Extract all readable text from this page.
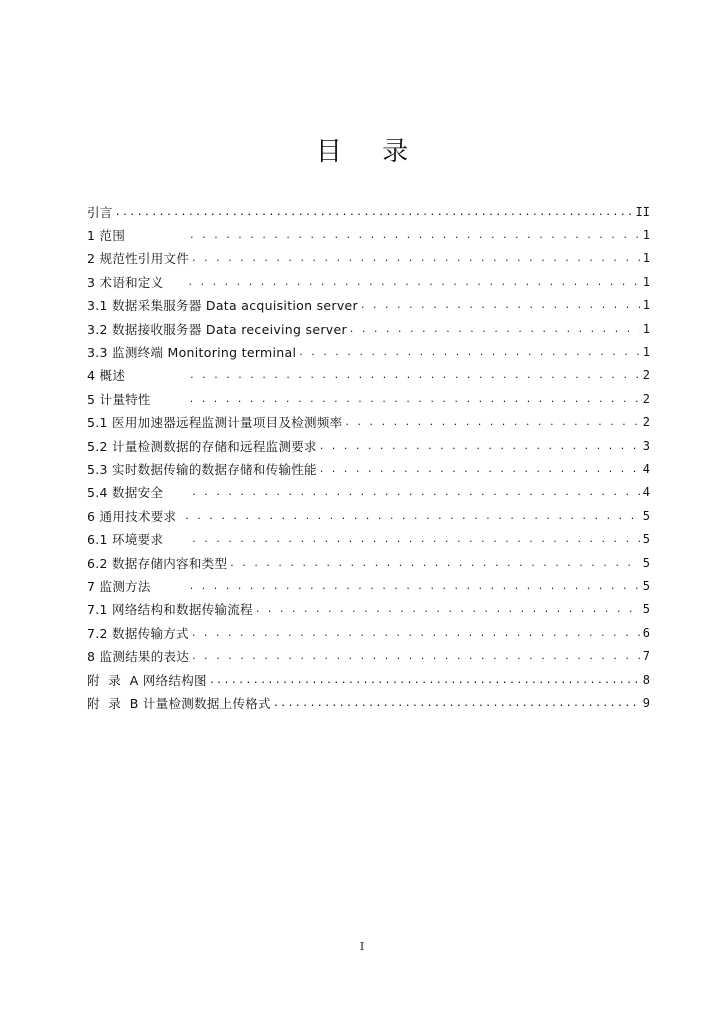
目 录
引言 .....	II
1 范围 . . .	1
2 规范性引用文件 . . .	1
3 术语和定义 . . .	1
3.1 数据采集服务器 Data acquisition server . . .	1
3.2 数据接收服务器 Data receiving server . . .	1
3.3 监测终端 Monitoring terminal . . .	1
4 概述 . . .	2
5 计量特性 . . .	2
5.1 医用加速器远程监测计量项目及检测频率 . . .	2
5.2 计量检测数据的存储和远程监测要求 . . .	3
5.3 实时数据传输的数据存储和传输性能 . . .	4
5.4 数据安全 . . .	4
6 通用技术要求 . . .	5
6.1 环境要求 . . .	5
6.2 数据存储内容和类型 . . .	5
7 监测方法 . . .	5
7.1 网络结构和数据传输流程 . . .	5
7.2 数据传输方式 . . .	6
8 监测结果的表达 . . .	7
附  录  A 网络结构图 .....	8
附  录  B 计量检测数据上传格式 .....	9
I
